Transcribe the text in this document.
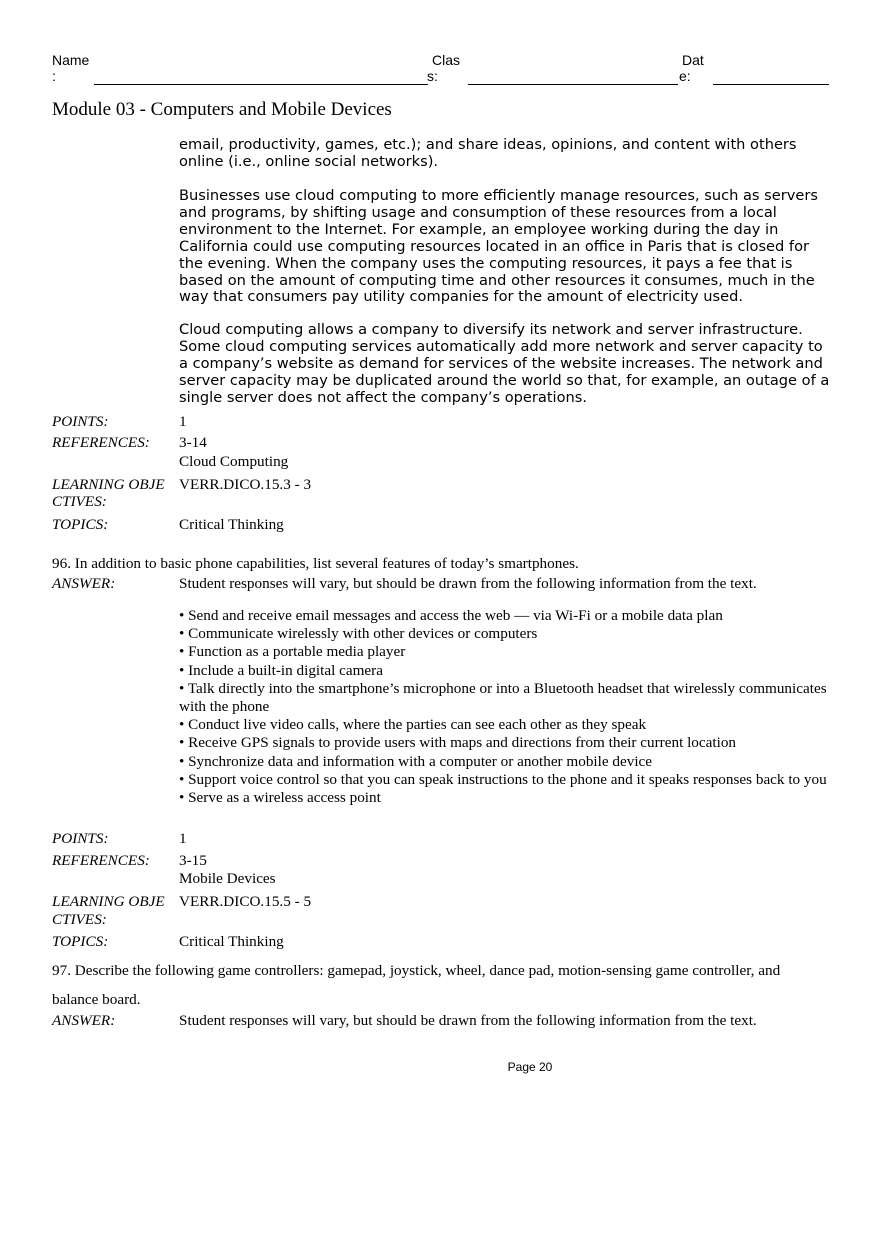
Name
:
Clas
s:
Dat
e:
Module 03 - Computers and Mobile Devices
email, productivity, games, etc.); and share ideas, opinions, and content with others online (i.e., online social networks).
Businesses use cloud computing to more efficiently manage resources, such as servers and programs, by shifting usage and consumption of these resources from a local environment to the Internet. For example, an employee working during the day in California could use computing resources located in an office in Paris that is closed for the evening. When the company uses the computing resources, it pays a fee that is based on the amount of computing time and other resources it consumes, much in the way that consumers pay utility companies for the amount of electricity used.
Cloud computing allows a company to diversify its network and server infrastructure. Some cloud computing services automatically add more network and server capacity to a company’s website as demand for services of the website increases. The network and server capacity may be duplicated around the world so that, for example, an outage of a single server does not affect the company’s operations.
POINTS:	1
REFERENCES: 3-14
Cloud Computing
LEARNING OBJE
CTIVES:
VERR.DICO.15.3 - 3
TOPICS:	Critical Thinking
96. In addition to basic phone capabilities, list several features of today’s smartphones.
ANSWER:	Student responses will vary, but should be drawn from the following information from the text.
• Send and receive email messages and access the web — via Wi-Fi or a mobile data plan
• Communicate wirelessly with other devices or computers
• Function as a portable media player
• Include a built-in digital camera
• Talk directly into the smartphone’s microphone or into a Bluetooth headset that wirelessly communicates with the phone
• Conduct live video calls, where the parties can see each other as they speak
• Receive GPS signals to provide users with maps and directions from their current location
• Synchronize data and information with a computer or another mobile device
• Support voice control so that you can speak instructions to the phone and it speaks responses back to you
• Serve as a wireless access point
POINTS:	1
REFERENCES: 3-15
Mobile Devices
LEARNING OBJE
CTIVES:
VERR.DICO.15.5 - 5
TOPICS:	Critical Thinking
97. Describe the following game controllers: gamepad, joystick, wheel, dance pad, motion-sensing game controller, and
balance board.
ANSWER:	Student responses will vary, but should be drawn from the following information from the text.
Page 20
